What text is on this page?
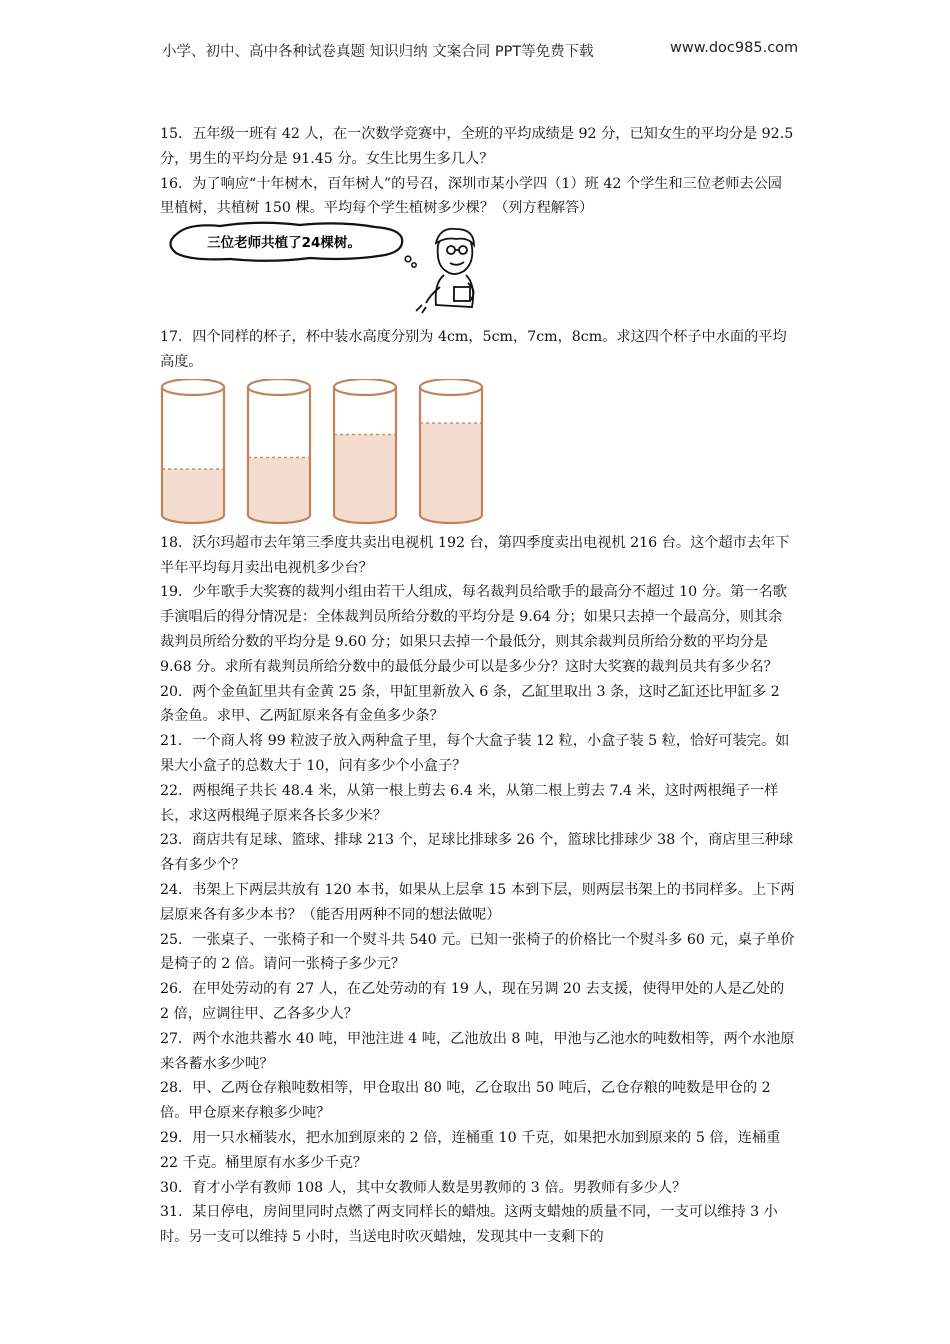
小学、初中、高中各种试卷真题 知识归纳 文案合同 PPT等免费下载	www.doc985.com

15．五年级一班有 42 人，在一次数学竞赛中，全班的平均成绩是 92 分，已知女生的平均分是 92.5 分，男生的平均分是 91.45 分。女生比男生多几人？

16．为了响应“十年树木，百年树人”的号召，深圳市某小学四（1）班 42 个学生和三位老师去公园里植树，共植树 150 棵。平均每个学生植树多少棵？（列方程解答）

三位老师共植了24棵树。

17．四个同样的杯子，杯中装水高度分别为 4cm，5cm，7cm，8cm。求这四个杯子中水面的平均高度。

18．沃尔玛超市去年第三季度共卖出电视机 192 台，第四季度卖出电视机 216 台。这个超市去年下半年平均每月卖出电视机多少台？

19．少年歌手大奖赛的裁判小组由若干人组成，每名裁判员给歌手的最高分不超过 10 分。第一名歌手演唱后的得分情况是：全体裁判员所给分数的平均分是 9.64 分；如果只去掉一个最高分，则其余裁判员所给分数的平均分是 9.60 分；如果只去掉一个最低分，则其余裁判员所给分数的平均分是 9.68 分。求所有裁判员所给分数中的最低分最少可以是多少分？这时大奖赛的裁判员共有多少名？

20．两个金鱼缸里共有金黄 25 条，甲缸里新放入 6 条，乙缸里取出 3 条，这时乙缸还比甲缸多 2 条金鱼。求甲、乙两缸原来各有金鱼多少条？

21．一个商人将 99 粒波子放入两种盒子里，每个大盒子装 12 粒，小盒子装 5 粒，恰好可装完。如果大小盒子的总数大于 10，问有多少个小盒子？

22．两根绳子共长 48.4 米，从第一根上剪去 6.4 米，从第二根上剪去 7.4 米，这时两根绳子一样长，求这两根绳子原来各长多少米？

23．商店共有足球、篮球、排球 213 个，足球比排球多 26 个，篮球比排球少 38 个，商店里三种球各有多少个？

24．书架上下两层共放有 120 本书，如果从上层拿 15 本到下层，则两层书架上的书同样多。上下两层原来各有多少本书？（能否用两种不同的想法做呢）

25．一张桌子、一张椅子和一个熨斗共 540 元。已知一张椅子的价格比一个熨斗多 60 元，桌子单价是椅子的 2 倍。请问一张椅子多少元？

26．在甲处劳动的有 27 人，在乙处劳动的有 19 人，现在另调 20 去支援，使得甲处的人是乙处的 2 倍，应调往甲、乙各多少人？

27．两个水池共蓄水 40 吨，甲池注进 4 吨，乙池放出 8 吨，甲池与乙池水的吨数相等，两个水池原来各蓄水多少吨？

28．甲、乙两仓存粮吨数相等，甲仓取出 80 吨，乙仓取出 50 吨后，乙仓存粮的吨数是甲仓的 2 倍。甲仓原来存粮多少吨？

29．用一只水桶装水，把水加到原来的 2 倍，连桶重 10 千克，如果把水加到原来的 5 倍，连桶重 22 千克。桶里原有水多少千克？

30．育才小学有教师 108 人，其中女教师人数是男教师的 3 倍。男教师有多少人？

31．某日停电，房间里同时点燃了两支同样长的蜡烛。这两支蜡烛的质量不同，一支可以维持 3 小时。另一支可以维持 5 小时，当送电时吹灭蜡烛，发现其中一支剩下的
